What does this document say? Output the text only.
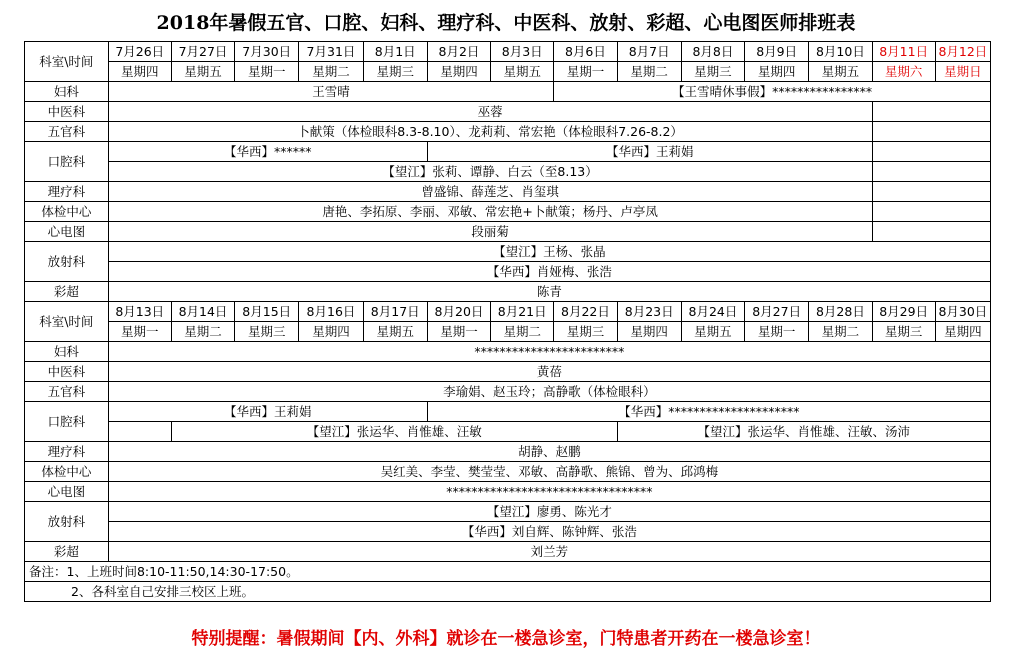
2018年暑假五官、口腔、妇科、理疗科、中医科、放射、彩超、心电图医师排班表
科室\时间	7月26日	7月27日	7月30日	7月31日	8月1日	8月2日	8月3日	8月6日	8月7日	8月8日	8月9日	8月10日	8月11日	8月12日
	星期四	星期五	星期一	星期二	星期三	星期四	星期五	星期一	星期二	星期三	星期四	星期五	星期六	星期日
妇科	王雪晴							【王雪晴休事假】****************						
中医科	巫蓉													
五官科	卜献策（体检眼科8.3-8.10）、龙莉莉、常宏艳（体检眼科7.26-8.2）													
口腔科	【华西】******					【华西】王莉娟								
	【望江】张莉、谭静、白云（至8.13）													
理疗科	曾盛锦、薛莲芝、肖玺琪													
体检中心	唐艳、李拓原、李丽、邓敏、常宏艳+卜献策；杨丹、卢亭凤													
心电图	段丽菊													
放射科	【望江】王杨、张晶													
	【华西】肖娅梅、张浩													
彩超	陈青													
科室\时间	8月13日	8月14日	8月15日	8月16日	8月17日	8月20日	8月21日	8月22日	8月23日	8月24日	8月27日	8月28日	8月29日	8月30日
	星期一	星期二	星期三	星期四	星期五	星期一	星期二	星期三	星期四	星期五	星期一	星期二	星期三	星期四
妇科	************************													
中医科	黄蓓													
五官科	李瑜娟、赵玉玲；高静歌（体检眼科）													
口腔科	【华西】王莉娟					【华西】*********************								
		【望江】张运华、肖惟雄、汪敏							【望江】张运华、肖惟雄、汪敏、汤沛					
理疗科	胡静、赵鹏													
体检中心	吴红美、李莹、樊莹莹、邓敏、高静歌、熊锦、曾为、邱鸿梅													
心电图	*********************************													
放射科	【望江】廖勇、陈光才													
	【华西】刘自辉、陈钟辉、张浩													
彩超	刘兰芳													
备注：1、上班时间8:10-11:50,14:30-17:50。														
2、各科室自己安排三校区上班。														
特别提醒：暑假期间【内、外科】就诊在一楼急诊室，门特患者开药在一楼急诊室！
